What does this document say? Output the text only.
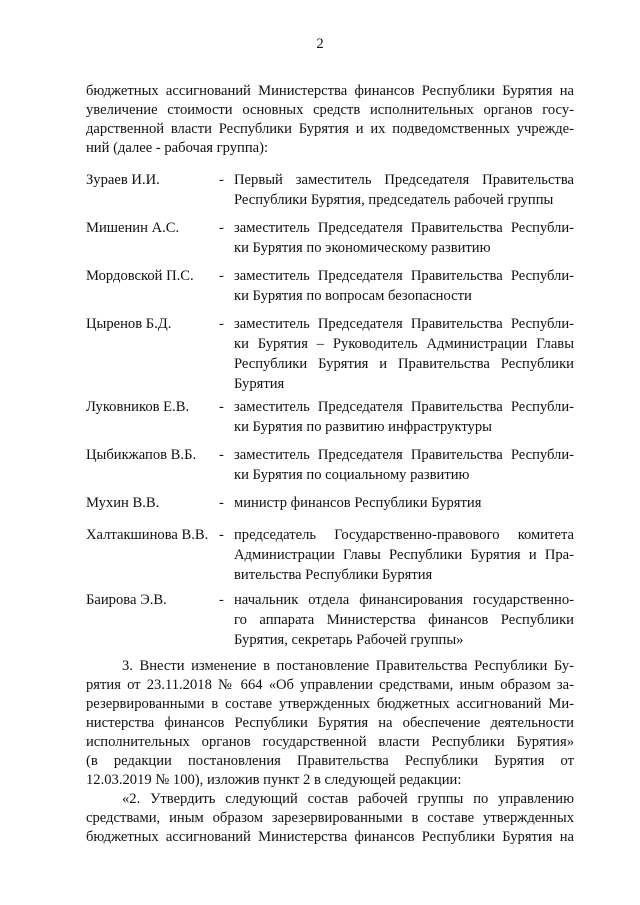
2
бюджетных ассигнований Министерства финансов Республики Бурятия на
увеличение стоимости основных средств исполнительных органов госу-
дарственной власти Республики Бурятия и их подведомственных учрежде-
ний (далее - рабочая группа):
Зураев И.И.	- Первый заместитель Председателя Правительства
Республики Бурятия, председатель рабочей группы
Мишенин А.С.	- заместитель Председателя Правительства Республи-
ки Бурятия по экономическому развитию
Мордовской П.С. - заместитель Председателя Правительства Республи-
ки Бурятия по вопросам безопасности
Цыренов Б.Д.	- заместитель Председателя Правительства Республи-
ки Бурятия – Руководитель Администрации Главы
Республики Бурятия и Правительства Республики
Бурятия
Луковников Е.В. - заместитель Председателя Правительства Республи-
ки Бурятия по развитию инфраструктуры
Цыбикжапов В.Б. - заместитель Председателя Правительства Республи-
ки Бурятия по социальному развитию
Мухин В.В.	- министр финансов Республики Бурятия
Халтакшинова В.В. - председатель Государственно-правового комитета
Администрации Главы Республики Бурятия и Пра-
вительства Республики Бурятия
Баирова Э.В.	- начальник отдела финансирования государственно-
го аппарата Министерства финансов Республики
Бурятия, секретарь Рабочей группы»
3. Внести изменение в постановление Правительства Республики Бу-
рятия от 23.11.2018 № 664 «Об управлении средствами, иным образом за-
резервированными в составе утвержденных бюджетных ассигнований Ми-
нистерства финансов Республики Бурятия на обеспечение деятельности
исполнительных органов государственной власти Республики Бурятия»
(в редакции постановления Правительства Республики Бурятия от
12.03.2019 № 100), изложив пункт 2 в следующей редакции:
«2. Утвердить следующий состав рабочей группы по управлению
средствами, иным образом зарезервированными в составе утвержденных
бюджетных ассигнований Министерства финансов Республики Бурятия на
